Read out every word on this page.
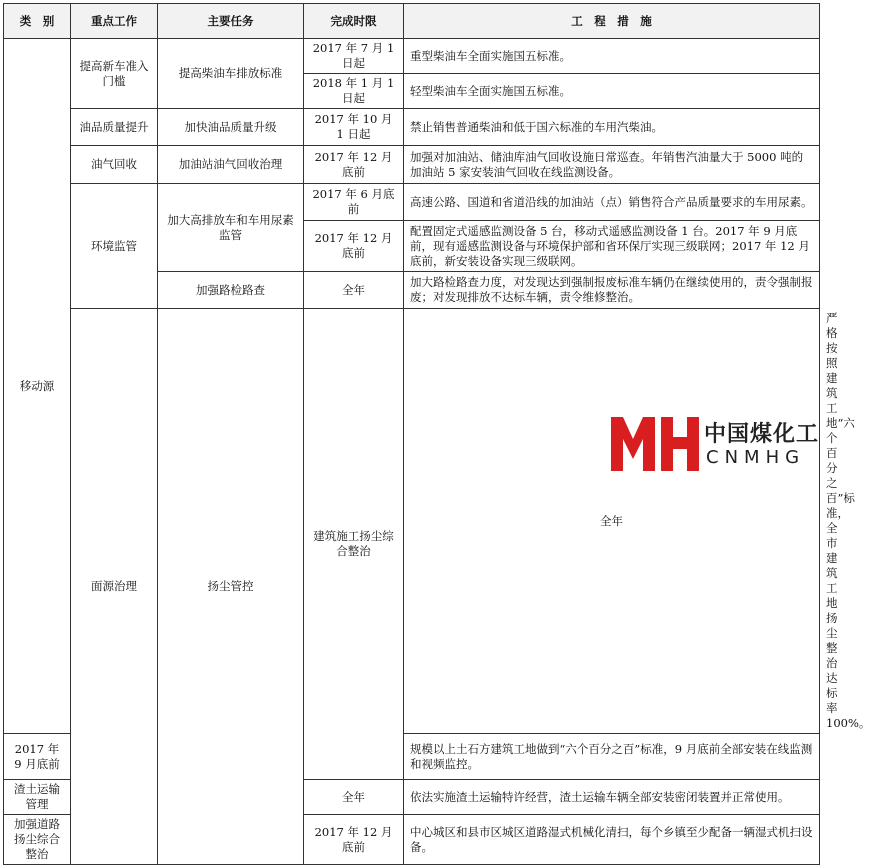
类　别	重点工作	主要任务	完成时限	工　程　措　施	
移动源	提高新车准入门槛	提高柴油车排放标准	2017 年 7 月 1 日起	重型柴油车全面实施国五标准。	
			2018 年 1 月 1 日起	轻型柴油车全面实施国五标准。	
	油品质量提升	加快油品质量升级	2017 年 10 月 1 日起	禁止销售普通柴油和低于国六标准的车用汽柴油。	
	油气回收	加油站油气回收治理	2017 年 12 月底前	加强对加油站、储油库油气回收设施日常巡查。年销售汽油量大于 5000 吨的加油站 5 家安装油气回收在线监测设备。	
	环境监管	加大高排放车和车用尿素监管	2017 年 6 月底前	高速公路、国道和省道沿线的加油站（点）销售符合产品质量要求的车用尿素。	
			2017 年 12 月底前	配置固定式遥感监测设备 5 台，移动式遥感监测设备 1 台。2017 年 9 月底前，现有遥感监测设备与环境保护部和省环保厅实现三级联网；2017 年 12 月底前，新安装设备实现三级联网。	
		加强路检路查	全年	加大路检路查力度，对发现达到强制报废标准车辆仍在继续使用的，责令强制报废；对发现排放不达标车辆，责令维修整治。	
	面源治理	扬尘管控	建筑施工扬尘综合整治	全年	严格按照建筑工地“六个百分之百”标准，全市建筑工地扬尘整治达标率 100%。
2017 年 9 月底前				规模以上土石方建筑工地做到“六个百分之百”标准，9 月底前全部安装在线监测和视频监控。	
渣土运输管理			全年	依法实施渣土运输特许经营，渣土运输车辆全部安装密闭装置并正常使用。	
加强道路扬尘综合整治			2017 年 12 月底前	中心城区和县市区城区道路湿式机械化清扫，每个乡镇至少配备一辆湿式机扫设备。	
中国煤化工
CNMHG
